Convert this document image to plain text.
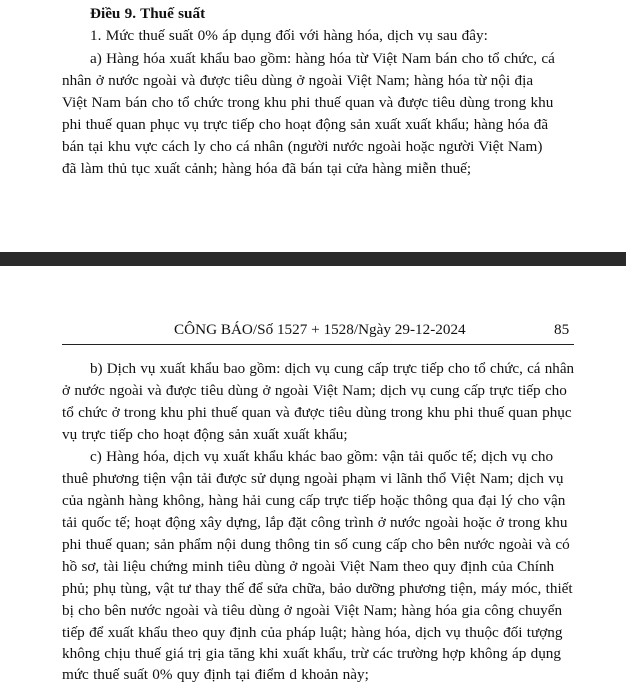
Điều 9. Thuế suất
1. Mức thuế suất 0% áp dụng đối với hàng hóa, dịch vụ sau đây:
a) Hàng hóa xuất khẩu bao gồm: hàng hóa từ Việt Nam bán cho tổ chức, cá
nhân ở nước ngoài và được tiêu dùng ở ngoài Việt Nam; hàng hóa từ nội địa
Việt Nam bán cho tổ chức trong khu phi thuế quan và được tiêu dùng trong khu
phi thuế quan phục vụ trực tiếp cho hoạt động sản xuất xuất khẩu; hàng hóa đã
bán tại khu vực cách ly cho cá nhân (người nước ngoài hoặc người Việt Nam)
đã làm thủ tục xuất cảnh; hàng hóa đã bán tại cửa hàng miễn thuế;
CÔNG BÁO/Số 1527 + 1528/Ngày 29-12-2024	85
b) Dịch vụ xuất khẩu bao gồm: dịch vụ cung cấp trực tiếp cho tổ chức, cá nhân
ở nước ngoài và được tiêu dùng ở ngoài Việt Nam; dịch vụ cung cấp trực tiếp cho
tổ chức ở trong khu phi thuế quan và được tiêu dùng trong khu phi thuế quan phục
vụ trực tiếp cho hoạt động sản xuất xuất khẩu;
c) Hàng hóa, dịch vụ xuất khẩu khác bao gồm: vận tải quốc tế; dịch vụ cho
thuê phương tiện vận tải được sử dụng ngoài phạm vi lãnh thổ Việt Nam; dịch vụ
của ngành hàng không, hàng hải cung cấp trực tiếp hoặc thông qua đại lý cho vận
tải quốc tế; hoạt động xây dựng, lắp đặt công trình ở nước ngoài hoặc ở trong khu
phi thuế quan; sản phẩm nội dung thông tin số cung cấp cho bên nước ngoài và có
hồ sơ, tài liệu chứng minh tiêu dùng ở ngoài Việt Nam theo quy định của Chính
phủ; phụ tùng, vật tư thay thế để sửa chữa, bảo dưỡng phương tiện, máy móc, thiết
bị cho bên nước ngoài và tiêu dùng ở ngoài Việt Nam; hàng hóa gia công chuyển
tiếp để xuất khẩu theo quy định của pháp luật; hàng hóa, dịch vụ thuộc đối tượng
không chịu thuế giá trị gia tăng khi xuất khẩu, trừ các trường hợp không áp dụng
mức thuế suất 0% quy định tại điểm d khoản này;
